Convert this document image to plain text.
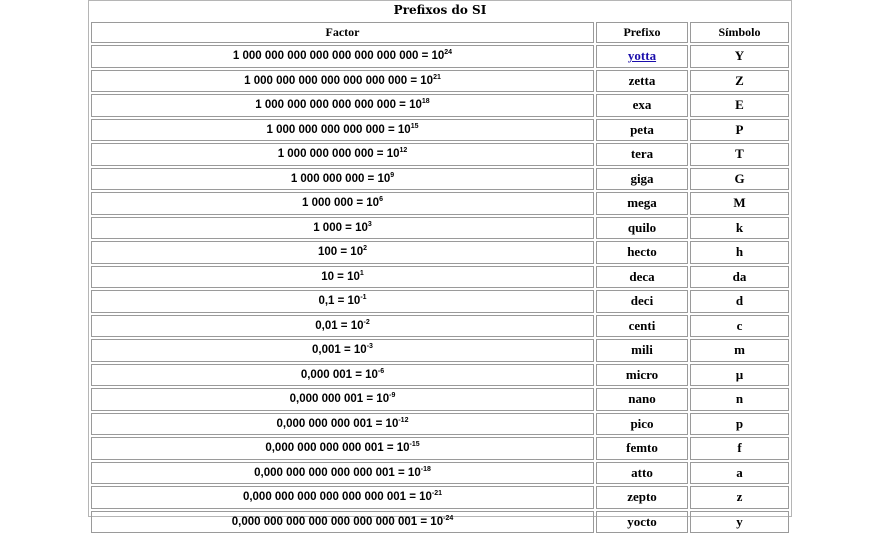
Prefixos do SI
Factor	Prefixo	Símbolo
1 000 000 000 000 000 000 000 $000 = 10^{24}$	yotta	Y
1 000 000 000 000 000 000 $000 = 10^{21}$	zetta	Z
1 000 000 000 000 000 $000 = 10^{18}$	exa	E
1 000 000 000 000 $000 = 10^{15}$	peta	P
1 000 000 000 $000 = 10^{12}$	tera	T
1 000 000 $000 = 10^9$	giga	G
1 000 $000 = 10^6$	mega	M
1 $000 = 10^3$	quilo	k
$100 = 10^2$	hecto	h
$10 = 10^1$	deca	da
$0,1 = 10^{-1}$	deci	d
$0,01 = 10^{-2}$	centi	c
$0,001 = 10^{-3}$	mili	m
0,000 $001 = 10^{-6}$	micro	µ
0,000 000 $001 = 10^{-9}$	nano	n
0,000 000 000 $001 = 10^{-12}$	pico	p
0,000 000 000 000 $001 = 10^{-15}$	femto	f
0,000 000 000 000 000 $001 = 10^{-18}$	atto	a
0,000 000 000 000 000 000 $001 = 10^{-21}$	zepto	z
0,000 000 000 000 000 000 000 $001 = 10^{-24}$	yocto	y
